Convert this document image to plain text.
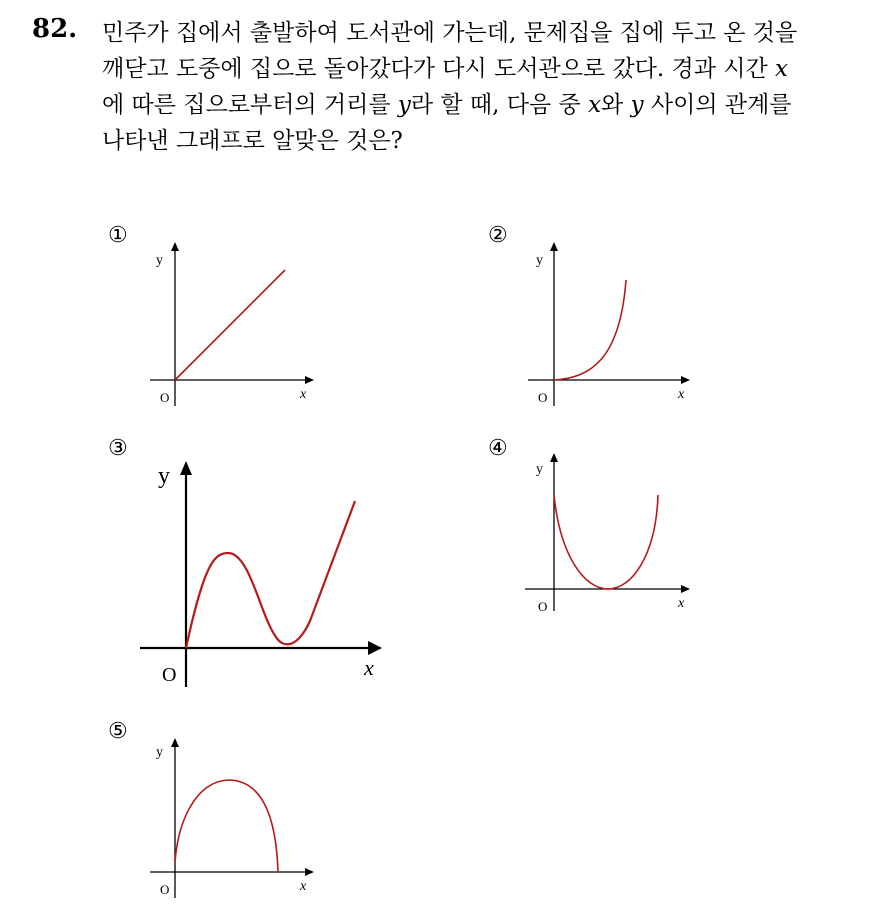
82. 민주가 집에서 출발하여 도서관에 가는데, 문제집을 집에 두고 온 것을
깨닫고 도중에 집으로 돌아갔다가 다시 도서관으로 갔다. 경과 시간 x
에 따른 집으로부터의 거리를 y라 할 때, 다음 중 x와 y 사이의 관계를
나타낸 그래프로 알맞은 것은?
①
y
x
O
②
y
x
O
③
y
x
O
④
y
x
O
⑤
y
x
O
